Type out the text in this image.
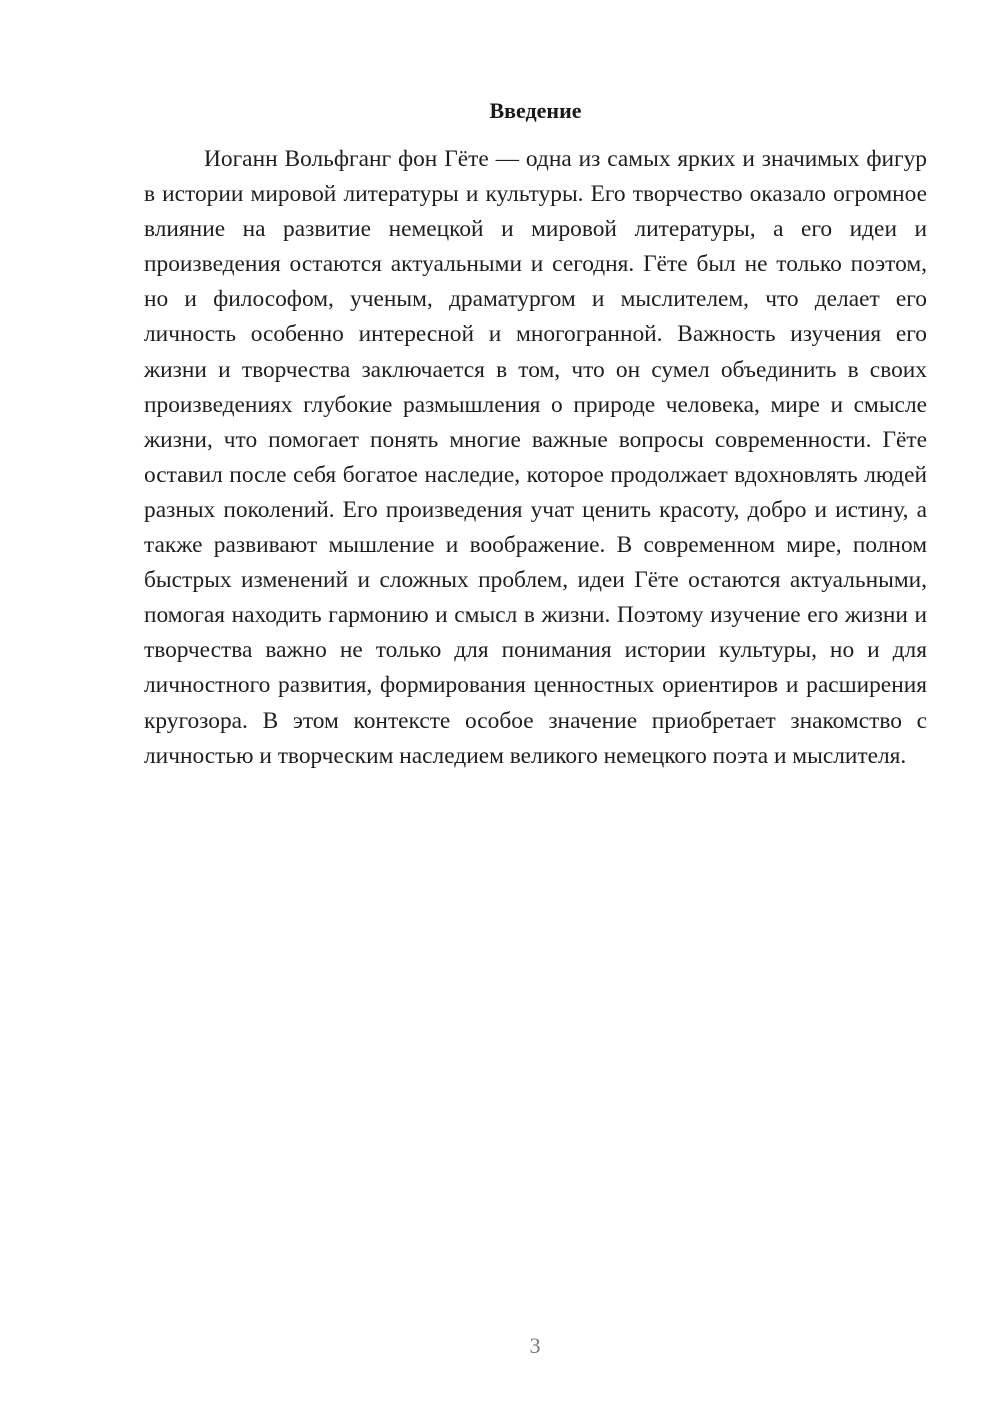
Введение

Иоганн Вольфганг фон Гёте — одна из самых ярких и значимых фигур в истории мировой литературы и культуры. Его творчество оказало огромное влияние на развитие немецкой и мировой литературы, а его идеи и произведения остаются актуальными и сегодня. Гёте был не только поэтом, но и философом, ученым, драматургом и мыслителем, что делает его личность особенно интересной и многогранной. Важность изучения его жизни и творчества заключается в том, что он сумел объединить в своих произведениях глубокие размышления о природе человека, мире и смысле жизни, что помогает понять многие важные вопросы современности. Гёте оставил после себя богатое наследие, которое продолжает вдохновлять людей разных поколений. Его произведения учат ценить красоту, добро и истину, а также развивают мышление и воображение. В современном мире, полном быстрых изменений и сложных проблем, идеи Гёте остаются актуальными, помогая находить гармонию и смысл в жизни. Поэтому изучение его жизни и творчества важно не только для понимания истории культуры, но и для личностного развития, формирования ценностных ориентиров и расширения кругозора. В этом контексте особое значение приобретает знакомство с личностью и творческим наследием великого немецкого поэта и мыслителя.

3
